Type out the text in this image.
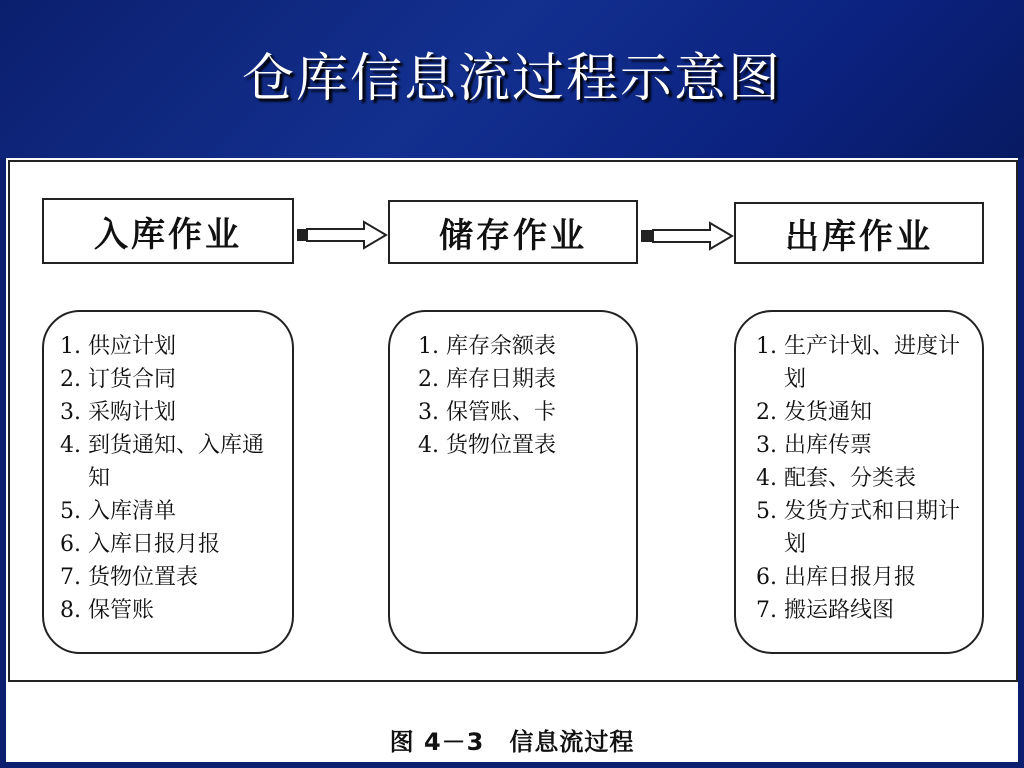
仓库信息流过程示意图
入库作业	储存作业	出库作业
1. 供应计划
2. 订货合同
3. 采购计划
4. 到货通知、入库通知
5. 入库清单
6. 入库日报月报
7. 货物位置表
8. 保管账
1. 库存余额表
2. 库存日期表
3. 保管账、卡
4. 货物位置表
1. 生产计划、进度计划
2. 发货通知
3. 出库传票
4. 配套、分类表
5. 发货方式和日期计划
6. 出库日报月报
7. 搬运路线图
图 4－3　信息流过程
